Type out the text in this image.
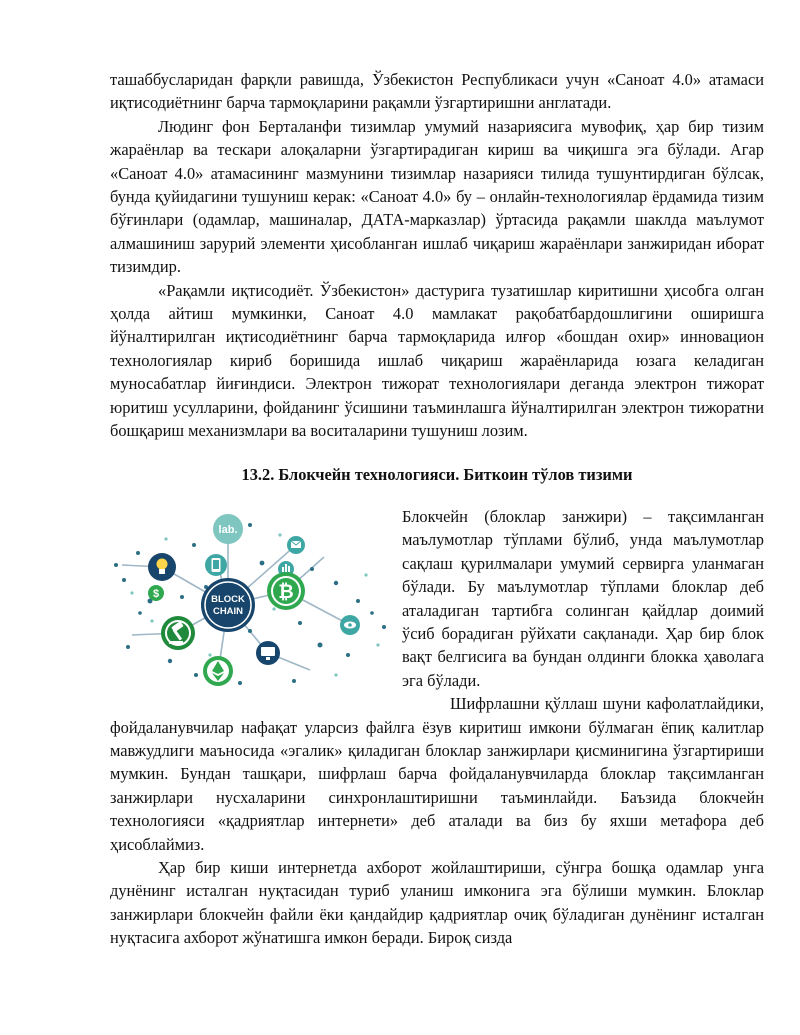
ташаббусларидан фарқли равишда, Ўзбекистон Республикаси учун «Саноат 4.0» атамаси иқтисодиётнинг барча тармоқларини рақамли ўзгартиришни англатади.

Людинг фон Берталанфи тизимлар умумий назариясига мувофиқ, ҳар бир тизим жараёнлар ва тескари алоқаларни ўзгартирадиган кириш ва чиқишга эга бўлади. Агар «Саноат 4.0» атамасининг мазмунини тизимлар назарияси тилида тушунтирдиган бўлсак, бунда қуйидагини тушуниш керак: «Саноат 4.0» бу – онлайн-технологиялар ёрдамида тизим бўғинлари (одамлар, машиналар, ДАТА-марказлар) ўртасида рақамли шаклда маълумот алмашиниш зарурий элементи ҳисобланган ишлаб чиқариш жараёнлари занжиридан иборат тизимдир.

«Рақамли иқтисодиёт. Ўзбекистон» дастурига тузатишлар киритишни ҳисобга олган ҳолда айтиш мумкинки, Саноат 4.0 мамлакат рақобатбардошлигини оширишга йўналтирилган иқтисодиётнинг барча тармоқларида илғор «бошдан охир» инновацион технологиялар кириб боришида ишлаб чиқариш жараёнларида юзага келадиган муносабатлар йиғиндиси. Электрон тижорат технологиялари деганда электрон тижорат юритиш усулларини, фойданинг ўсишини таъминлашга йўналтирилган электрон тижоратни бошқариш механизмлари ва воситаларини тушуниш лозим.

13.2. Блокчейн технологияси. Биткоин тўлов тизими
lab.
$	₿
BLOCK
CHAIN

Блокчейн (блоклар занжири) – тақсимланган маълумотлар тўплами бўлиб, унда маълумотлар сақлаш қурилмалари умумий сервирга уланмаган бўлади. Бу маълумотлар тўплами блоклар деб аталадиган тартибга солинган қайдлар доимий ўсиб борадиган рўйхати сақланади. Ҳар бир блок вақт белгисига ва бундан олдинги блокка ҳаволага эга бўлади.

Шифрлашни қўллаш шуни кафолатлайдики, фойдаланувчилар нафақат уларсиз файлга ёзув киритиш имкони бўлмаган ёпиқ калитлар мавжудлиги маъносида «эгалик» қиладиган блоклар занжирлари қисминигина ўзгартириши мумкин. Бундан ташқари, шифрлаш барча фойдаланувчиларда блоклар тақсимланган занжирлари нусхаларини синхронлаштиришни таъминлайди. Баъзида блокчейн технологияси «қадриятлар интернети» деб аталади ва биз бу яхши метафора деб ҳисоблаймиз.

Ҳар бир киши интернетда ахборот жойлаштириши, сўнгра бошқа одамлар унга дунёнинг исталган нуқтасидан туриб уланиш имконига эга бўлиши мумкин. Блоклар занжирлари блокчейн файли ёки қандайдир қадриятлар очиқ бўладиган дунёнинг исталган нуқтасига ахборот жўнатишга имкон беради. Бироқ сизда
